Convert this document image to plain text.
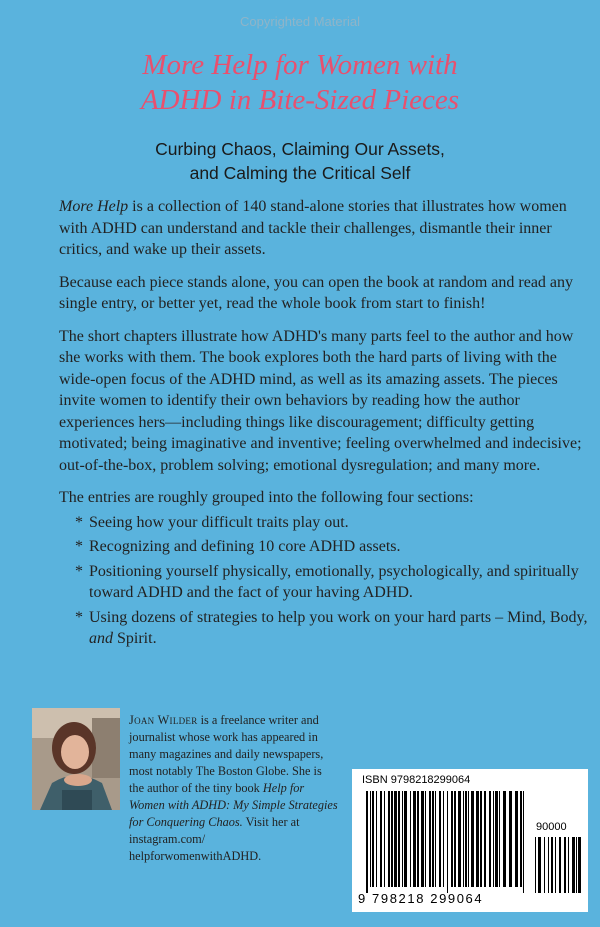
Copyrighted Material
More Help for Women with
ADHD in Bite-Sized Pieces
Curbing Chaos, Claiming Our Assets,
and Calming the Critical Self

More Help is a collection of 140 stand-alone stories that illustrates how women with ADHD can understand and tackle their challenges, dismantle their inner critics, and wake up their assets.

Because each piece stands alone, you can open the book at random and read any single entry, or better yet, read the whole book from start to finish!

The short chapters illustrate how ADHD's many parts feel to the author and how she works with them. The book explores both the hard parts of living with the wide-open focus of the ADHD mind, as well as its amazing assets. The pieces invite women to identify their own behaviors by reading how the author experiences hers—including things like discouragement; difficulty getting motivated; being imaginative and inventive; feeling overwhelmed and indecisive; out-of-the-box, problem solving; emotional dysregulation; and many more.

The entries are roughly grouped into the following four sections:

* Seeing how your difficult traits play out.
* Recognizing and defining 10 core ADHD assets.
* Positioning yourself physically, emotionally, psychologically, and spiritually toward ADHD and the fact of your having ADHD.
* Using dozens of strategies to help you work on your hard parts – Mind, Body, and Spirit.
Joan Wilder is a freelance writer and journalist whose work has appeared in many magazines and daily newspapers, most notably The Boston Globe. She is the author of the tiny book Help for Women with ADHD: My Simple Strategies for Conquering Chaos. Visit her at instagram.com/ helpforwomenwithADHD.
ISBN 9798218299064
90000
9 798218 299064
